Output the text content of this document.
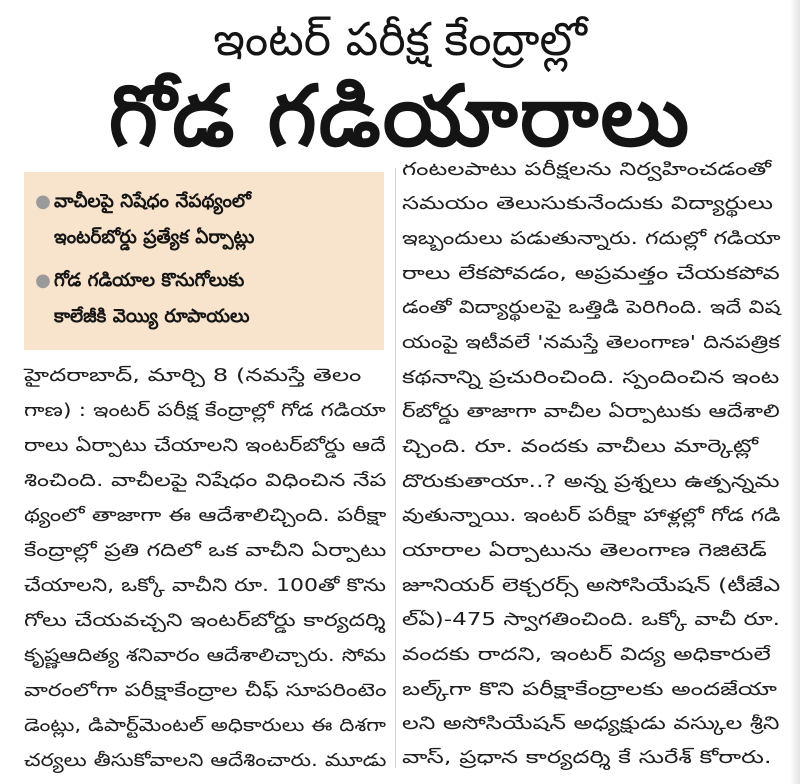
ఇంటర్ పరీక్ష కేంద్రాల్లో
గోడ గడియారాలు
● వాచీలపై నిషేధం నేపథ్యంలో
ఇంటర్‌బోర్డు ప్రత్యేక ఏర్పాట్లు
● గోడ గడియాల కొనుగోలుకు
కాలేజీకి వెయ్యి రూపాయలు
హైదరాబాద్, మార్చి 8 (నమస్తే తెలం
గాణ) : ఇంటర్ పరీక్ష కేంద్రాల్లో గోడ గడియా
రాలు ఏర్పాటు చేయాలని ఇంటర్‌బోర్డు ఆదే
శించింది. వాచీలపై నిషేధం విధించిన నేప
థ్యంలో తాజాగా ఈ ఆదేశాలిచ్చింది. పరీక్షా
కేంద్రాల్లో ప్రతి గదిలో ఒక వాచీని ఏర్పాటు
చేయాలని, ఒక్కో వాచీని రూ. 100తో కొను
గోలు చేయవచ్చని ఇంటర్‌బోర్డు కార్యదర్శి
కృష్ణఆదిత్య శనివారం ఆదేశాలిచ్చారు. సోమ
వారంలోగా పరీక్షాకేంద్రాల చీఫ్ సూపరింటెం
డెంట్లు, డిపార్ట్‌మెంటల్ అధికారులు ఈ దిశగా
చర్యలు తీసుకోవాలని ఆదేశించారు. మూడు
గంటలపాటు పరీక్షలను నిర్వహించడంతో
సమయం తెలుసుకునేందుకు విద్యార్థులు
ఇబ్బందులు పడుతున్నారు. గదుల్లో గడియా
రాలు లేకపోవడం, అప్రమత్తం చేయకపోవ
డంతో విద్యార్థులపై ఒత్తిడి పెరిగింది. ఇదే విష
యంపై ఇటీవలే 'నమస్తే తెలంగాణ' దినపత్రిక
కథనాన్ని ప్రచురించింది. స్పందించిన ఇంట
ర్‌బోర్డు తాజాగా వాచీల ఏర్పాటుకు ఆదేశాలి
చ్చింది. రూ. వందకు వాచీలు మార్కెట్లో
దొరుకుతాయా..? అన్న ప్రశ్నలు ఉత్పన్నమ
వుతున్నాయి. ఇంటర్ పరీక్షా హాళ్లల్లో గోడ గడి
యారాల ఏర్పాటును తెలంగాణ గెజిటెడ్
జూనియర్ లెక్చరర్స్ అసోసియేషన్ (టీజేఎ
ల్‌ఏ)-475 స్వాగతించింది. ఒక్కో వాచీ రూ.
వందకు రాదని, ఇంటర్ విద్య అధికారులే
బల్క్‌గా కొని పరీక్షాకేంద్రాలకు అందజేయా
లని అసోసియేషన్ అధ్యక్షుడు వస్కుల శ్రీని
వాస్, ప్రధాన కార్యదర్శి కే సురేశ్ కోరారు.
